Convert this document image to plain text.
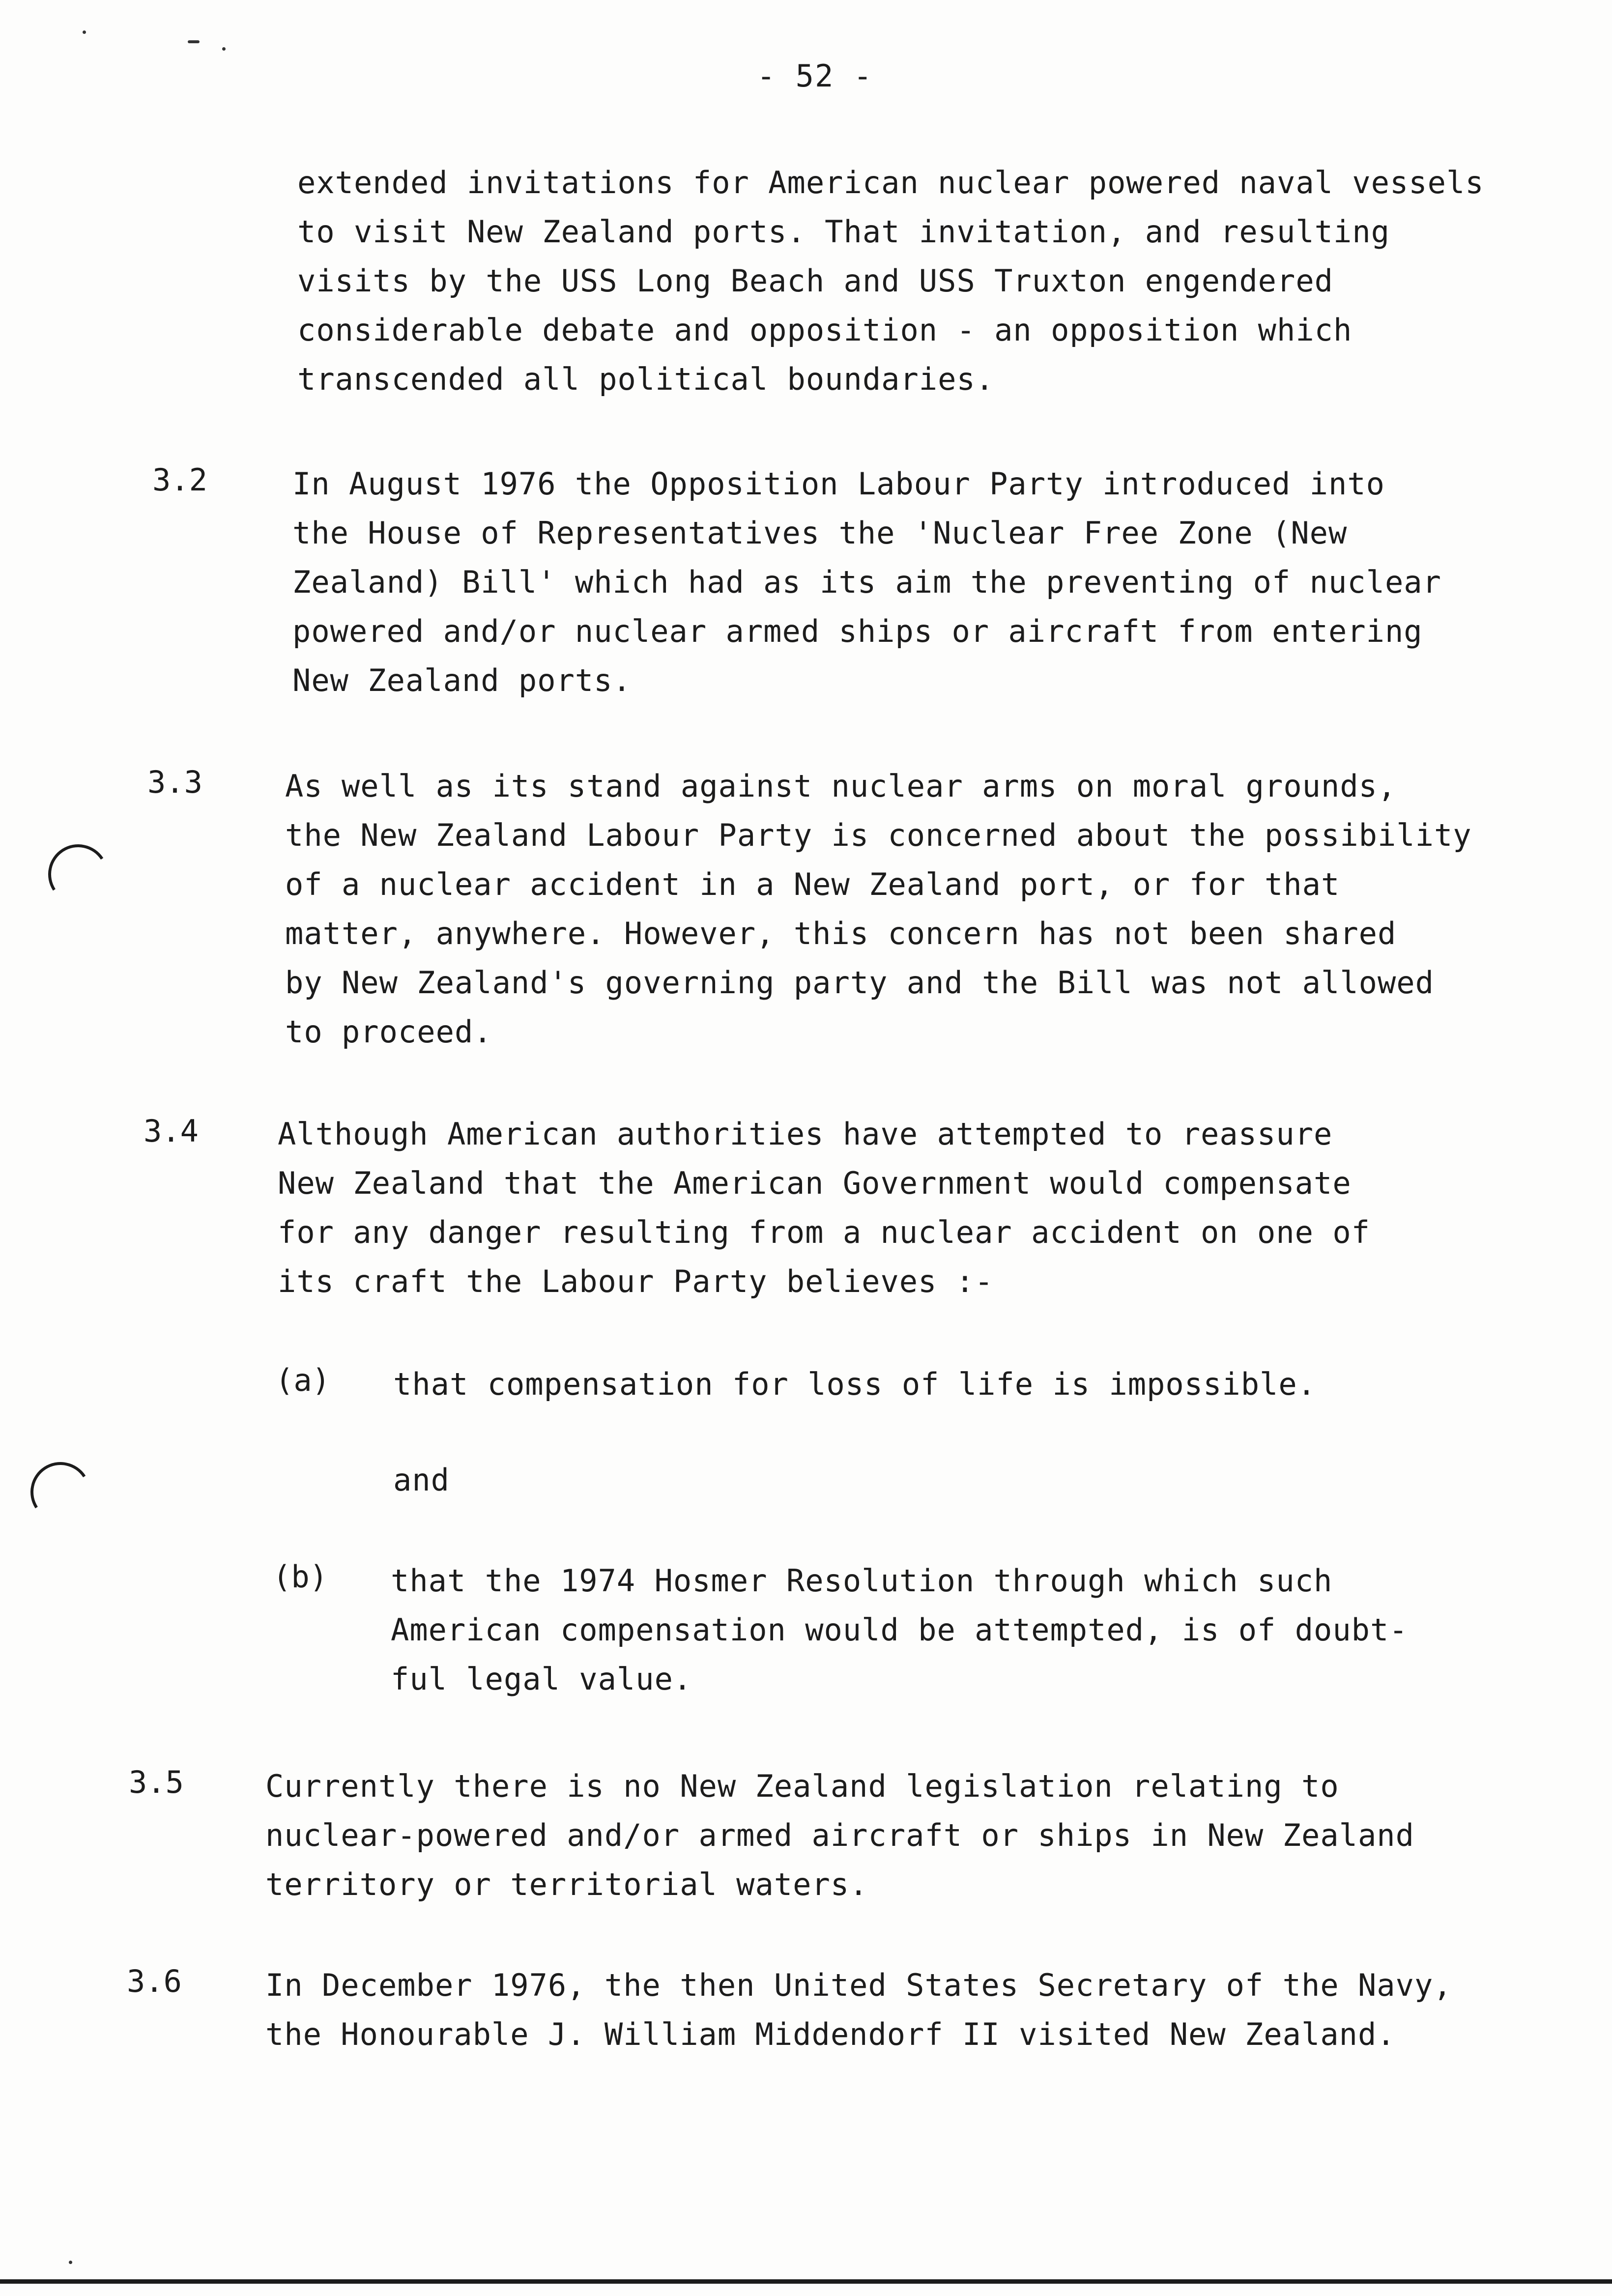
- 52 -
extended invitations for American nuclear powered naval vessels
to visit New Zealand ports. That invitation, and resulting
visits by the USS Long Beach and USS Truxton engendered
considerable debate and opposition - an opposition which
transcended all political boundaries.
3.2	In August 1976 the Opposition Labour Party introduced into
the House of Representatives the 'Nuclear Free Zone (New
Zealand) Bill' which had as its aim the preventing of nuclear
powered and/or nuclear armed ships or aircraft from entering
New Zealand ports.
3.3	As well as its stand against nuclear arms on moral grounds,
the New Zealand Labour Party is concerned about the possibility
of a nuclear accident in a New Zealand port, or for that
matter, anywhere. However, this concern has not been shared
by New Zealand's governing party and the Bill was not allowed
to proceed.
3.4	Although American authorities have attempted to reassure
New Zealand that the American Government would compensate
for any danger resulting from a nuclear accident on one of
its craft the Labour Party believes :-
(a) that compensation for loss of life is impossible.
and
(b) that the 1974 Hosmer Resolution through which such
American compensation would be attempted, is of doubt-
ful legal value.
3.5	Currently there is no New Zealand legislation relating to
nuclear-powered and/or armed aircraft or ships in New Zealand
territory or territorial waters.
3.6	In December 1976, the then United States Secretary of the Navy,
the Honourable J. William Middendorf II visited New Zealand.
